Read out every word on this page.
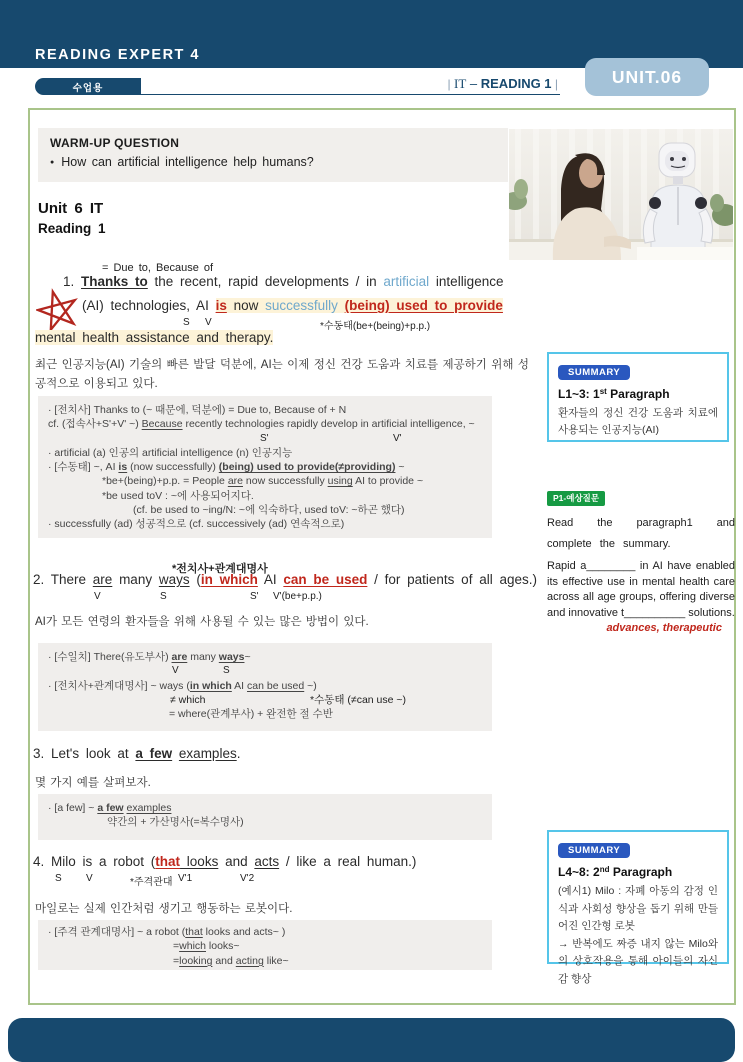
READING EXPERT 4
UNIT.06
수업용	| IT – READING 1 |
WARM-UP QUESTION
● How can artificial intelligence help humans?
Unit 6 IT
Reading 1
= Due to, Because of
1. Thanks to the recent, rapid developments / in artificial intelligence
(AI) technologies, AI is now successfully (being) used to provide
S V	*수동태(be+(being)+p.p.)
mental health assistance and therapy.
최근 인공지능(AI) 기술의 빠른 발달 덕분에, AI는 이제 정신 건강 도움과 치료를 제공하기 위해 성공적으로 이용되고 있다.
· [전치사] Thanks to (~ 때문에, 덕분에) = Due to, Because of + N
cf. (접속사+S'+V' ~) Because recently technologies rapidly develop in artificial intelligence, ~
S'	V'
· artificial (a) 인공의 artificial intelligence (n) 인공지능
· [수동태] ~, AI is (now successfully) (being) used to provide(≠providing) ~
*be+(being)+p.p. = People are now successfully using AI to provide ~
*be used toV : ~에 사용되어지다.
(cf. be used to ~ing/N: ~에 익숙하다, used toV: ~하곤 했다)
· successfully (ad) 성공적으로 (cf. successively (ad) 연속적으로)
*전치사+관계대명사
2. There are many ways (in which AI can be used / for patients of all ages.)
V	S	S' V'(be+p.p.)
AI가 모든 연령의 환자들을 위해 사용될 수 있는 많은 방법이 있다.
· [수일치] There(유도부사) are many ways~
V	S
· [전치사+관계대명사] ~ ways (in which AI can be used ~)
≠ which	*수동태 (≠can use ~)
= where(관계부사) + 완전한 절 수반
3. Let's look at a few examples.
몇 가지 예를 살펴보자.
· [a few] ~ a few examples
약간의 + 가산명사(=복수명사)
4. Milo is a robot (that looks and acts / like a real human.)
S V	*주격관대 V'1	V'2
마일로는 실제 인간처럼 생기고 행동하는 로봇이다.
· [주격 관계대명사] ~ a robot (that looks and acts~ )
=which looks~
=looking and acting like~
SUMMARY
L1~3: 1st Paragraph
환자들의 정신 건강 도움과 치료에 사용되는 인공지능(AI)
P1-예상질문
Read the paragraph1 and complete the summary.
Rapid a________ in AI have enabled its effective use in mental health care across all age groups, offering diverse and innovative t__________ solutions.
advances, therapeutic
SUMMARY
L4~8: 2nd Paragraph
(예시1) Milo : 자폐 아동의 감정 인식과 사회성 향상을 돕기 위해 만들어진 인간형 로봇
→ 반복에도 짜증 내지 않는 Milo와의 상호작용을 통해 아이들의 자신감 향상
